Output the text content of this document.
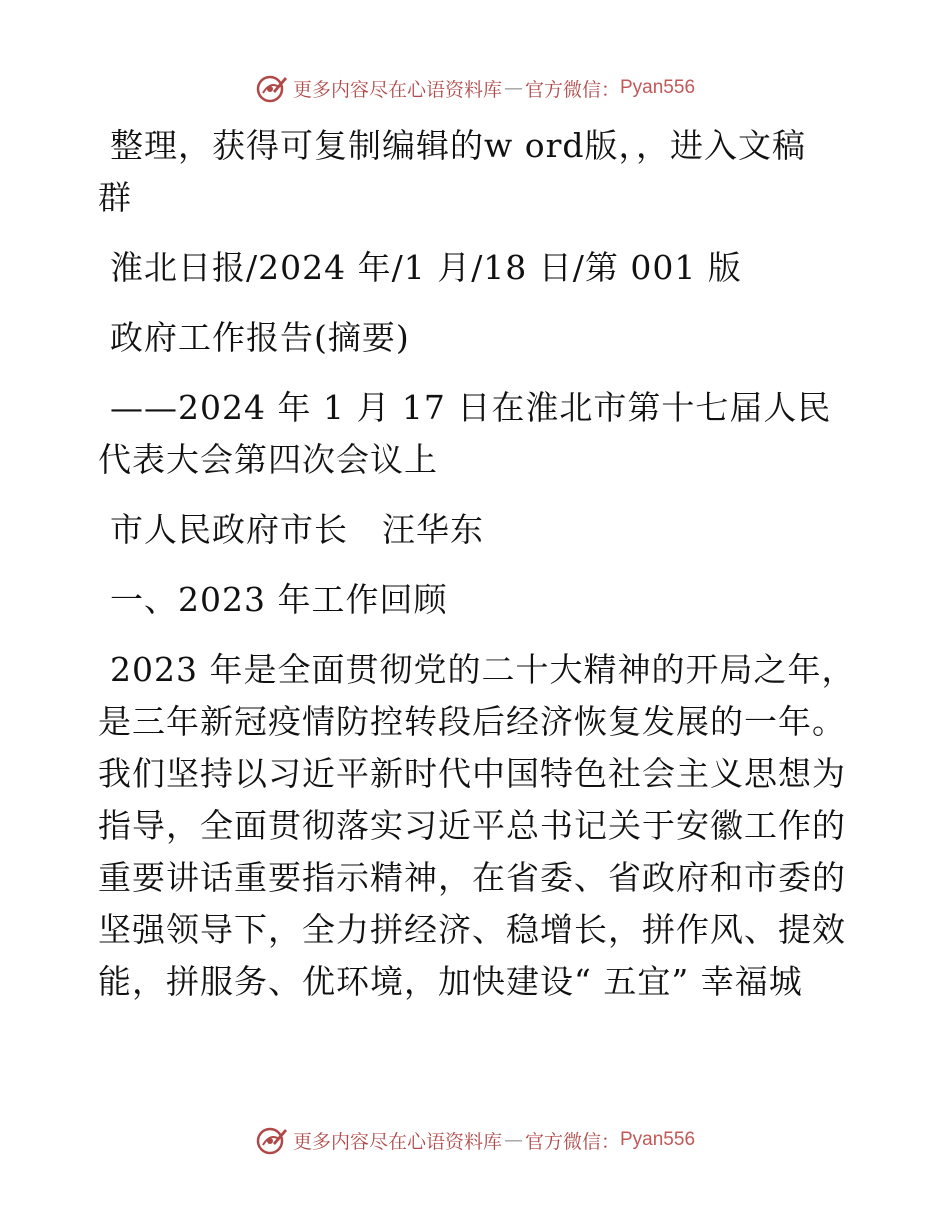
更多内容尽在心语资料库 — 官方微信： Pyan556

整理，获得可复制编辑的w ord版，，进入文稿

群

淮北日报/2024 年/1 月/18 日/第 001 版

政府工作报告(摘要)

——2024 年 1 月 17 日在淮北市第十七届人民

代表大会第四次会议上

市人民政府市长　汪华东

一、2023 年工作回顾

2023 年是全面贯彻党的二十大精神的开局之年，

是三年新冠疫情防控转段后经济恢复发展的一年。

我们坚持以习近平新时代中国特色社会主义思想为

指导，全面贯彻落实习近平总书记关于安徽工作的

重要讲话重要指示精神，在省委、省政府和市委的

坚强领导下，全力拼经济、稳增长，拼作风、提效

能，拼服务、优环境，加快建设“ 五宜” 幸福城

更多内容尽在心语资料库 — 官方微信： Pyan556
